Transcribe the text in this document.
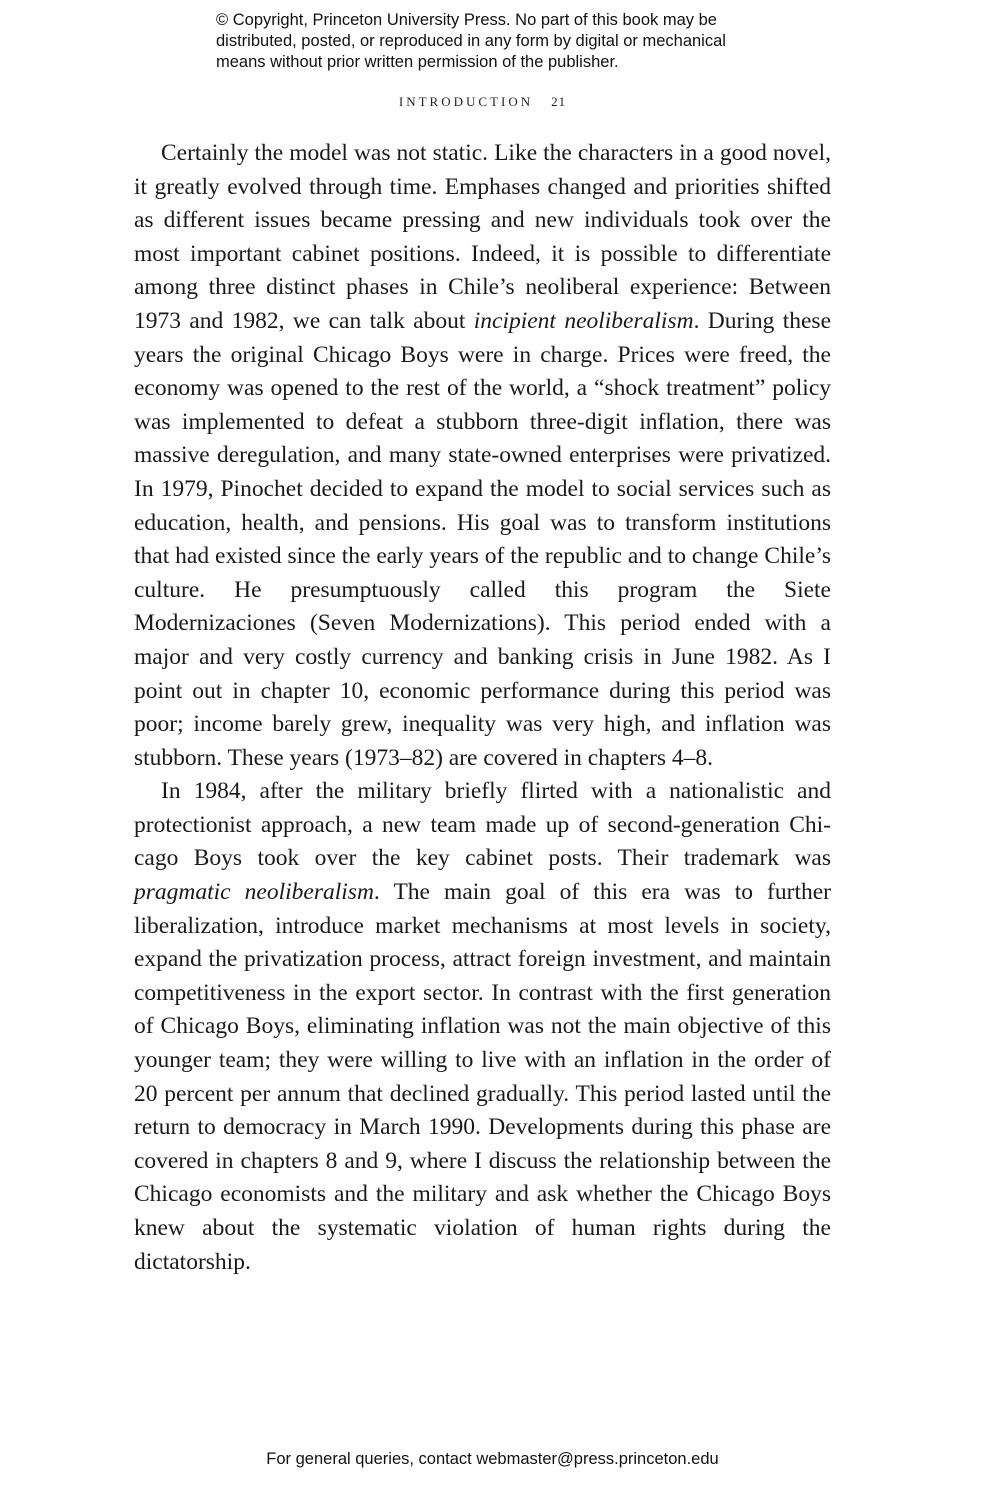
© Copyright, Princeton University Press. No part of this book may be
distributed, posted, or reproduced in any form by digital or mechanical
means without prior written permission of the publisher.
INTRODUCTION 21

Certainly the model was not static. Like the characters in a good novel, it greatly evolved through time. Emphases changed and priorities shifted as different issues became pressing and new individuals took over the most important cabinet positions. Indeed, it is possible to differentiate among three distinct phases in Chile’s neoliberal experience: Between 1973 and 1982, we can talk about incipient neoliberalism. During these years the original Chicago Boys were in charge. Prices were freed, the economy was opened to the rest of the world, a “shock treatment” policy was implemented to defeat a stubborn three-digit inflation, there was massive deregulation, and many state-owned enterprises were privatized. In 1979, Pinochet decided to expand the model to social services such as education, health, and pensions. His goal was to transform institutions that had existed since the early years of the republic and to change Chile’s culture. He presumptuously called this program the Siete Modernizaciones (Seven Modernizations). This period ended with a major and very costly currency and banking crisis in June 1982. As I point out in chapter 10, economic performance during this period was poor; income barely grew, inequality was very high, and inflation was stubborn. These years (1973–82) are covered in chapters 4–8.

In 1984, after the military briefly flirted with a nationalistic and protectionist approach, a new team made up of second-generation Chicago Boys took over the key cabinet posts. Their trademark was pragmatic neoliberalism. The main goal of this era was to further liberalization, introduce market mechanisms at most levels in society, expand the privatization process, attract foreign investment, and maintain competitiveness in the export sector. In contrast with the first generation of Chicago Boys, eliminating inflation was not the main objective of this younger team; they were willing to live with an inflation in the order of 20 percent per annum that declined gradually. This period lasted until the return to democracy in March 1990. Developments during this phase are covered in chapters 8 and 9, where I discuss the relationship between the Chicago economists and the military and ask whether the Chicago Boys knew about the systematic violation of human rights during the dictatorship.

For general queries, contact webmaster@press.princeton.edu
